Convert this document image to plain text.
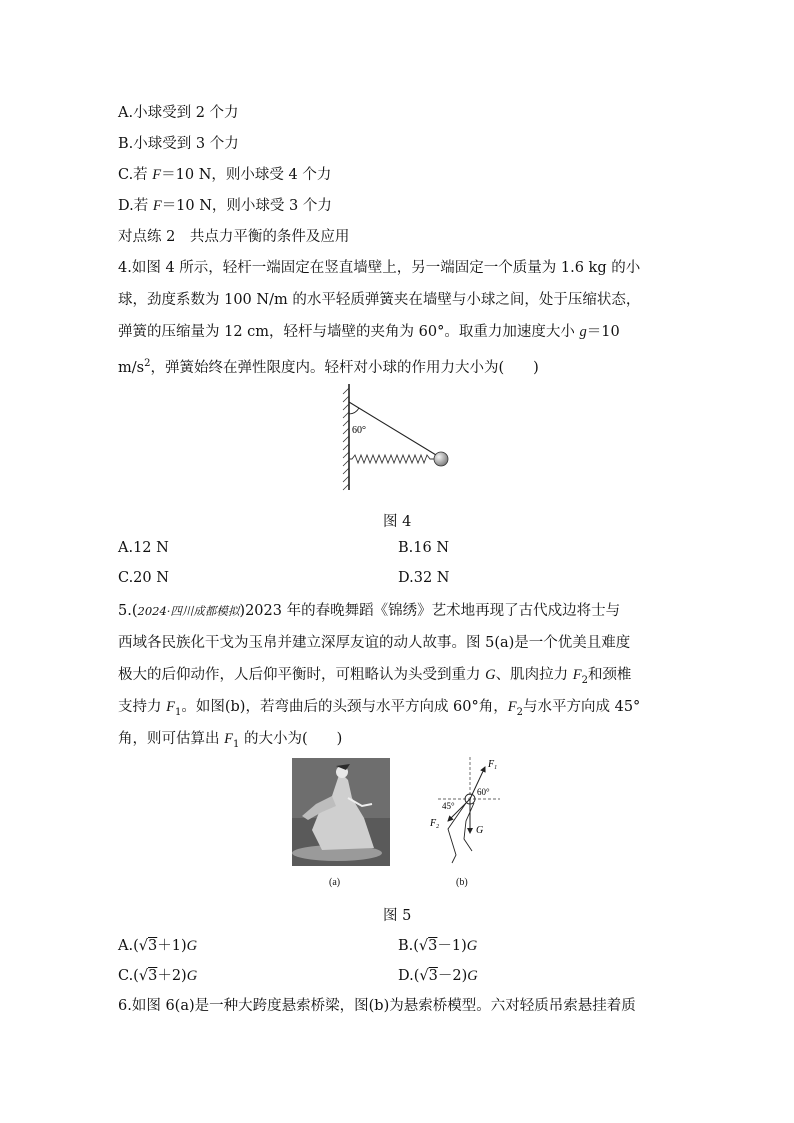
A.小球受到 2 个力
B.小球受到 3 个力
C.若 F＝10 N，则小球受 4 个力
D.若 F＝10 N，则小球受 3 个力
对点练 2　共点力平衡的条件及应用
4.如图 4 所示，轻杆一端固定在竖直墙壁上，另一端固定一个质量为 1.6 kg 的小
球，劲度系数为 100 N/m 的水平轻质弹簧夹在墙壁与小球之间，处于压缩状态，
弹簧的压缩量为 12 cm，轻杆与墙壁的夹角为 60°。取重力加速度大小 g＝10
$m/s^2$，弹簧始终在弹性限度内。轻杆对小球的作用力大小为(　　)
60°
图 4
A.12 N	B.16 N
C.20 N	D.32 N
5.(2024·四川成都模拟)2023 年的春晚舞蹈《锦绣》艺术地再现了古代戍边将士与
西域各民族化干戈为玉帛并建立深厚友谊的动人故事。图 5(a)是一个优美且难度
极大的后仰动作，人后仰平衡时，可粗略认为头受到重力 G、肌肉拉力 $F_2$和颈椎
支持力 $F_1$。如图(b)，若弯曲后的头颈与水平方向成 60°角，$F_2$与水平方向成 45°
角，则可估算出 $F_1$ 的大小为(　　)
(a)
$F_1$
$F_2$	G
45°
60°
(b)
图 5
A.(√3＋1)G	B.(√3－1)G
C.(√3＋2)G	D.(√3－2)G
6.如图 6(a)是一种大跨度悬索桥梁，图(b)为悬索桥模型。六对轻质吊索悬挂着质
